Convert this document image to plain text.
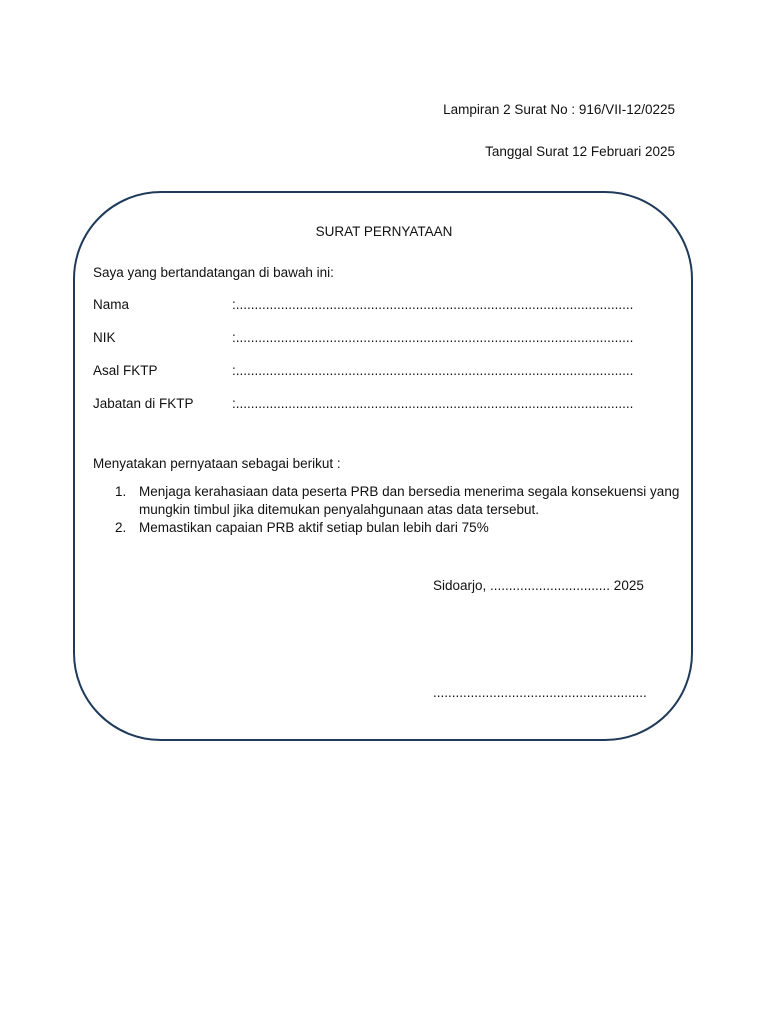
Lampiran 2 Surat No : 916/VII-12/0225
Tanggal Surat 12 Februari 2025
SURAT PERNYATAAN
Saya yang bertandatangan di bawah ini:
Nama	:..........................................................................................................
NIK	:..........................................................................................................
Asal FKTP	:..........................................................................................................
Jabatan di FKTP	:..........................................................................................................
Menyatakan pernyataan sebagai berikut :
1. Menjaga kerahasiaan data peserta PRB dan bersedia menerima segala konsekuensi yang mungkin timbul jika ditemukan penyalahgunaan atas data tersebut.
2. Memastikan capaian PRB aktif setiap bulan lebih dari 75%
Sidoarjo, ................................ 2025
.........................................................
